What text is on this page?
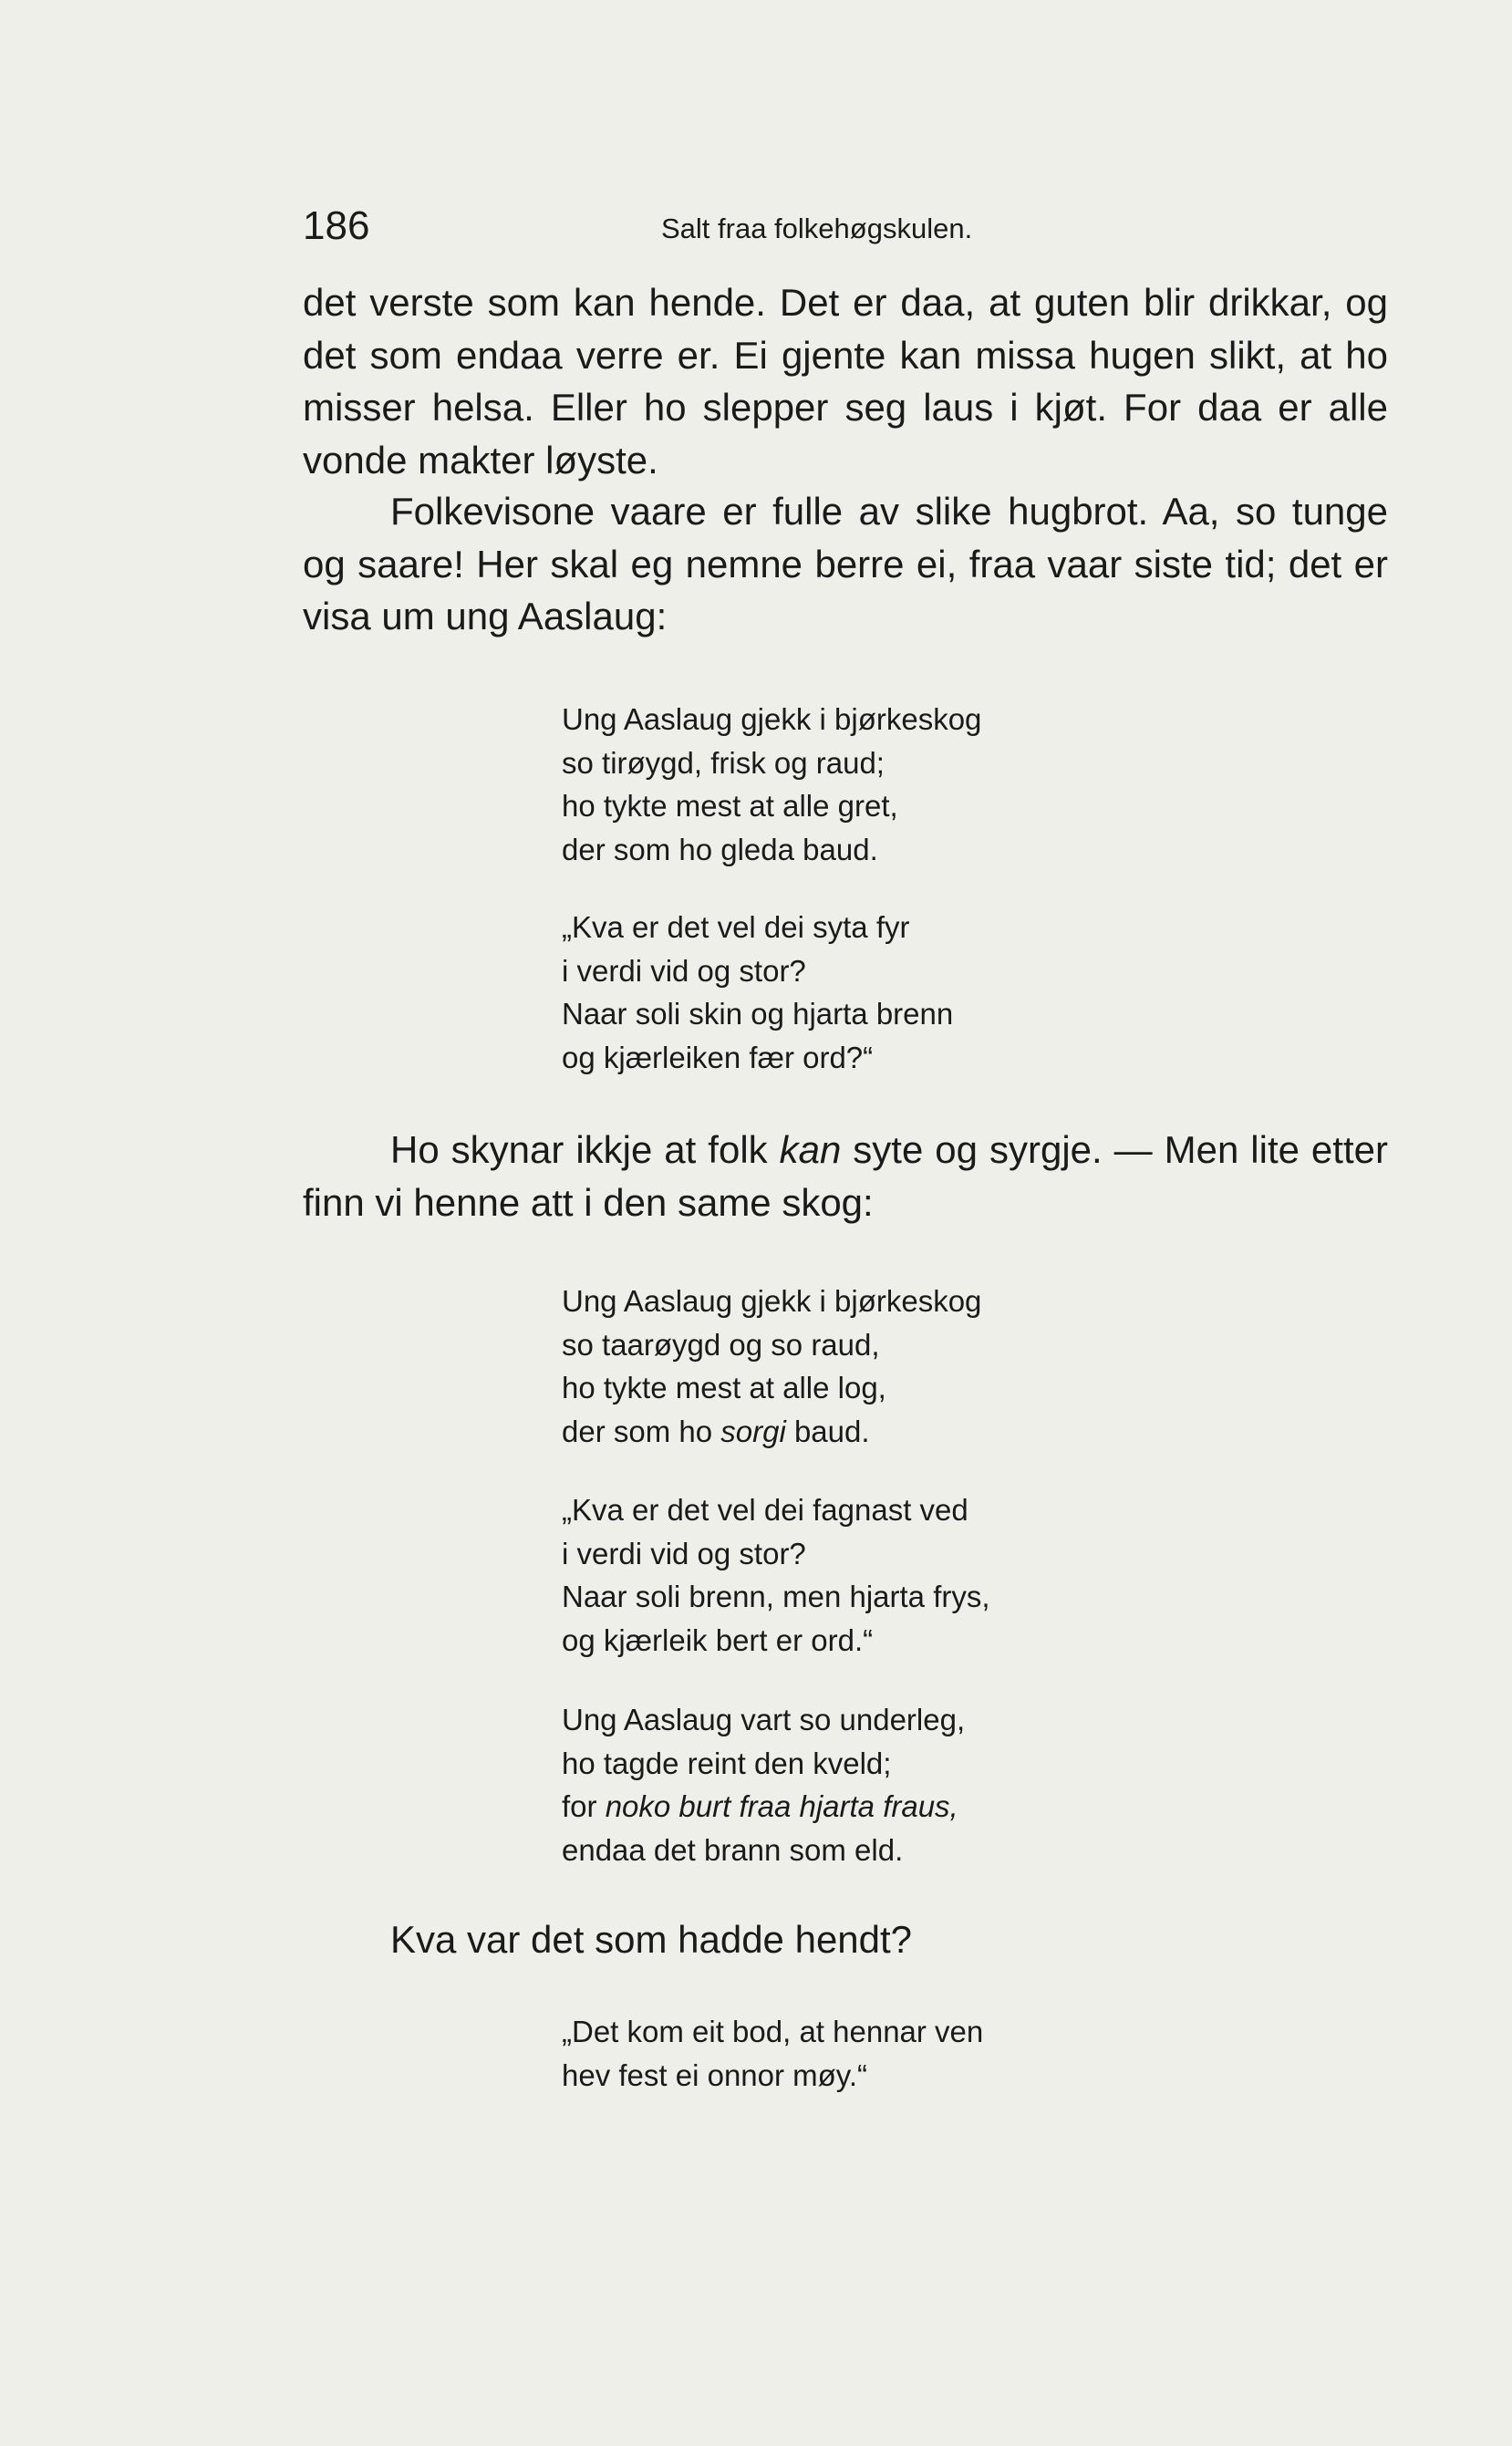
186	Salt fraa folkehøgskulen.

det verste som kan hende. Det er daa, at guten blir drikkar, og det som endaa verre er. Ei gjente kan missa hugen slikt, at ho misser helsa. Eller ho slepper seg laus i kjøt. For daa er alle vonde makter løyste.

Folkevisone vaare er fulle av slike hugbrot. Aa, so tunge og saare! Her skal eg nemne berre ei, fraa vaar siste tid; det er visa um ung Aaslaug:

Ung Aaslaug gjekk i bjørkeskog
so tirøygd, frisk og raud;
ho tykte mest at alle gret,
der som ho gleda baud.
„Kva er det vel dei syta fyr
i verdi vid og stor?
Naar soli skin og hjarta brenn
og kjærleiken fær ord?“

Ho skynar ikkje at folk kan syte og syrgje. — Men lite etter finn vi henne att i den same skog:

Ung Aaslaug gjekk i bjørkeskog
so taarøygd og so raud,
ho tykte mest at alle log,
der som ho sorgi baud.
„Kva er det vel dei fagnast ved
i verdi vid og stor?
Naar soli brenn, men hjarta frys,
og kjærleik bert er ord.“
Ung Aaslaug vart so underleg,
ho tagde reint den kveld;
for noko burt fraa hjarta fraus,
endaa det brann som eld.

Kva var det som hadde hendt?

„Det kom eit bod, at hennar ven
hev fest ei onnor møy.“
